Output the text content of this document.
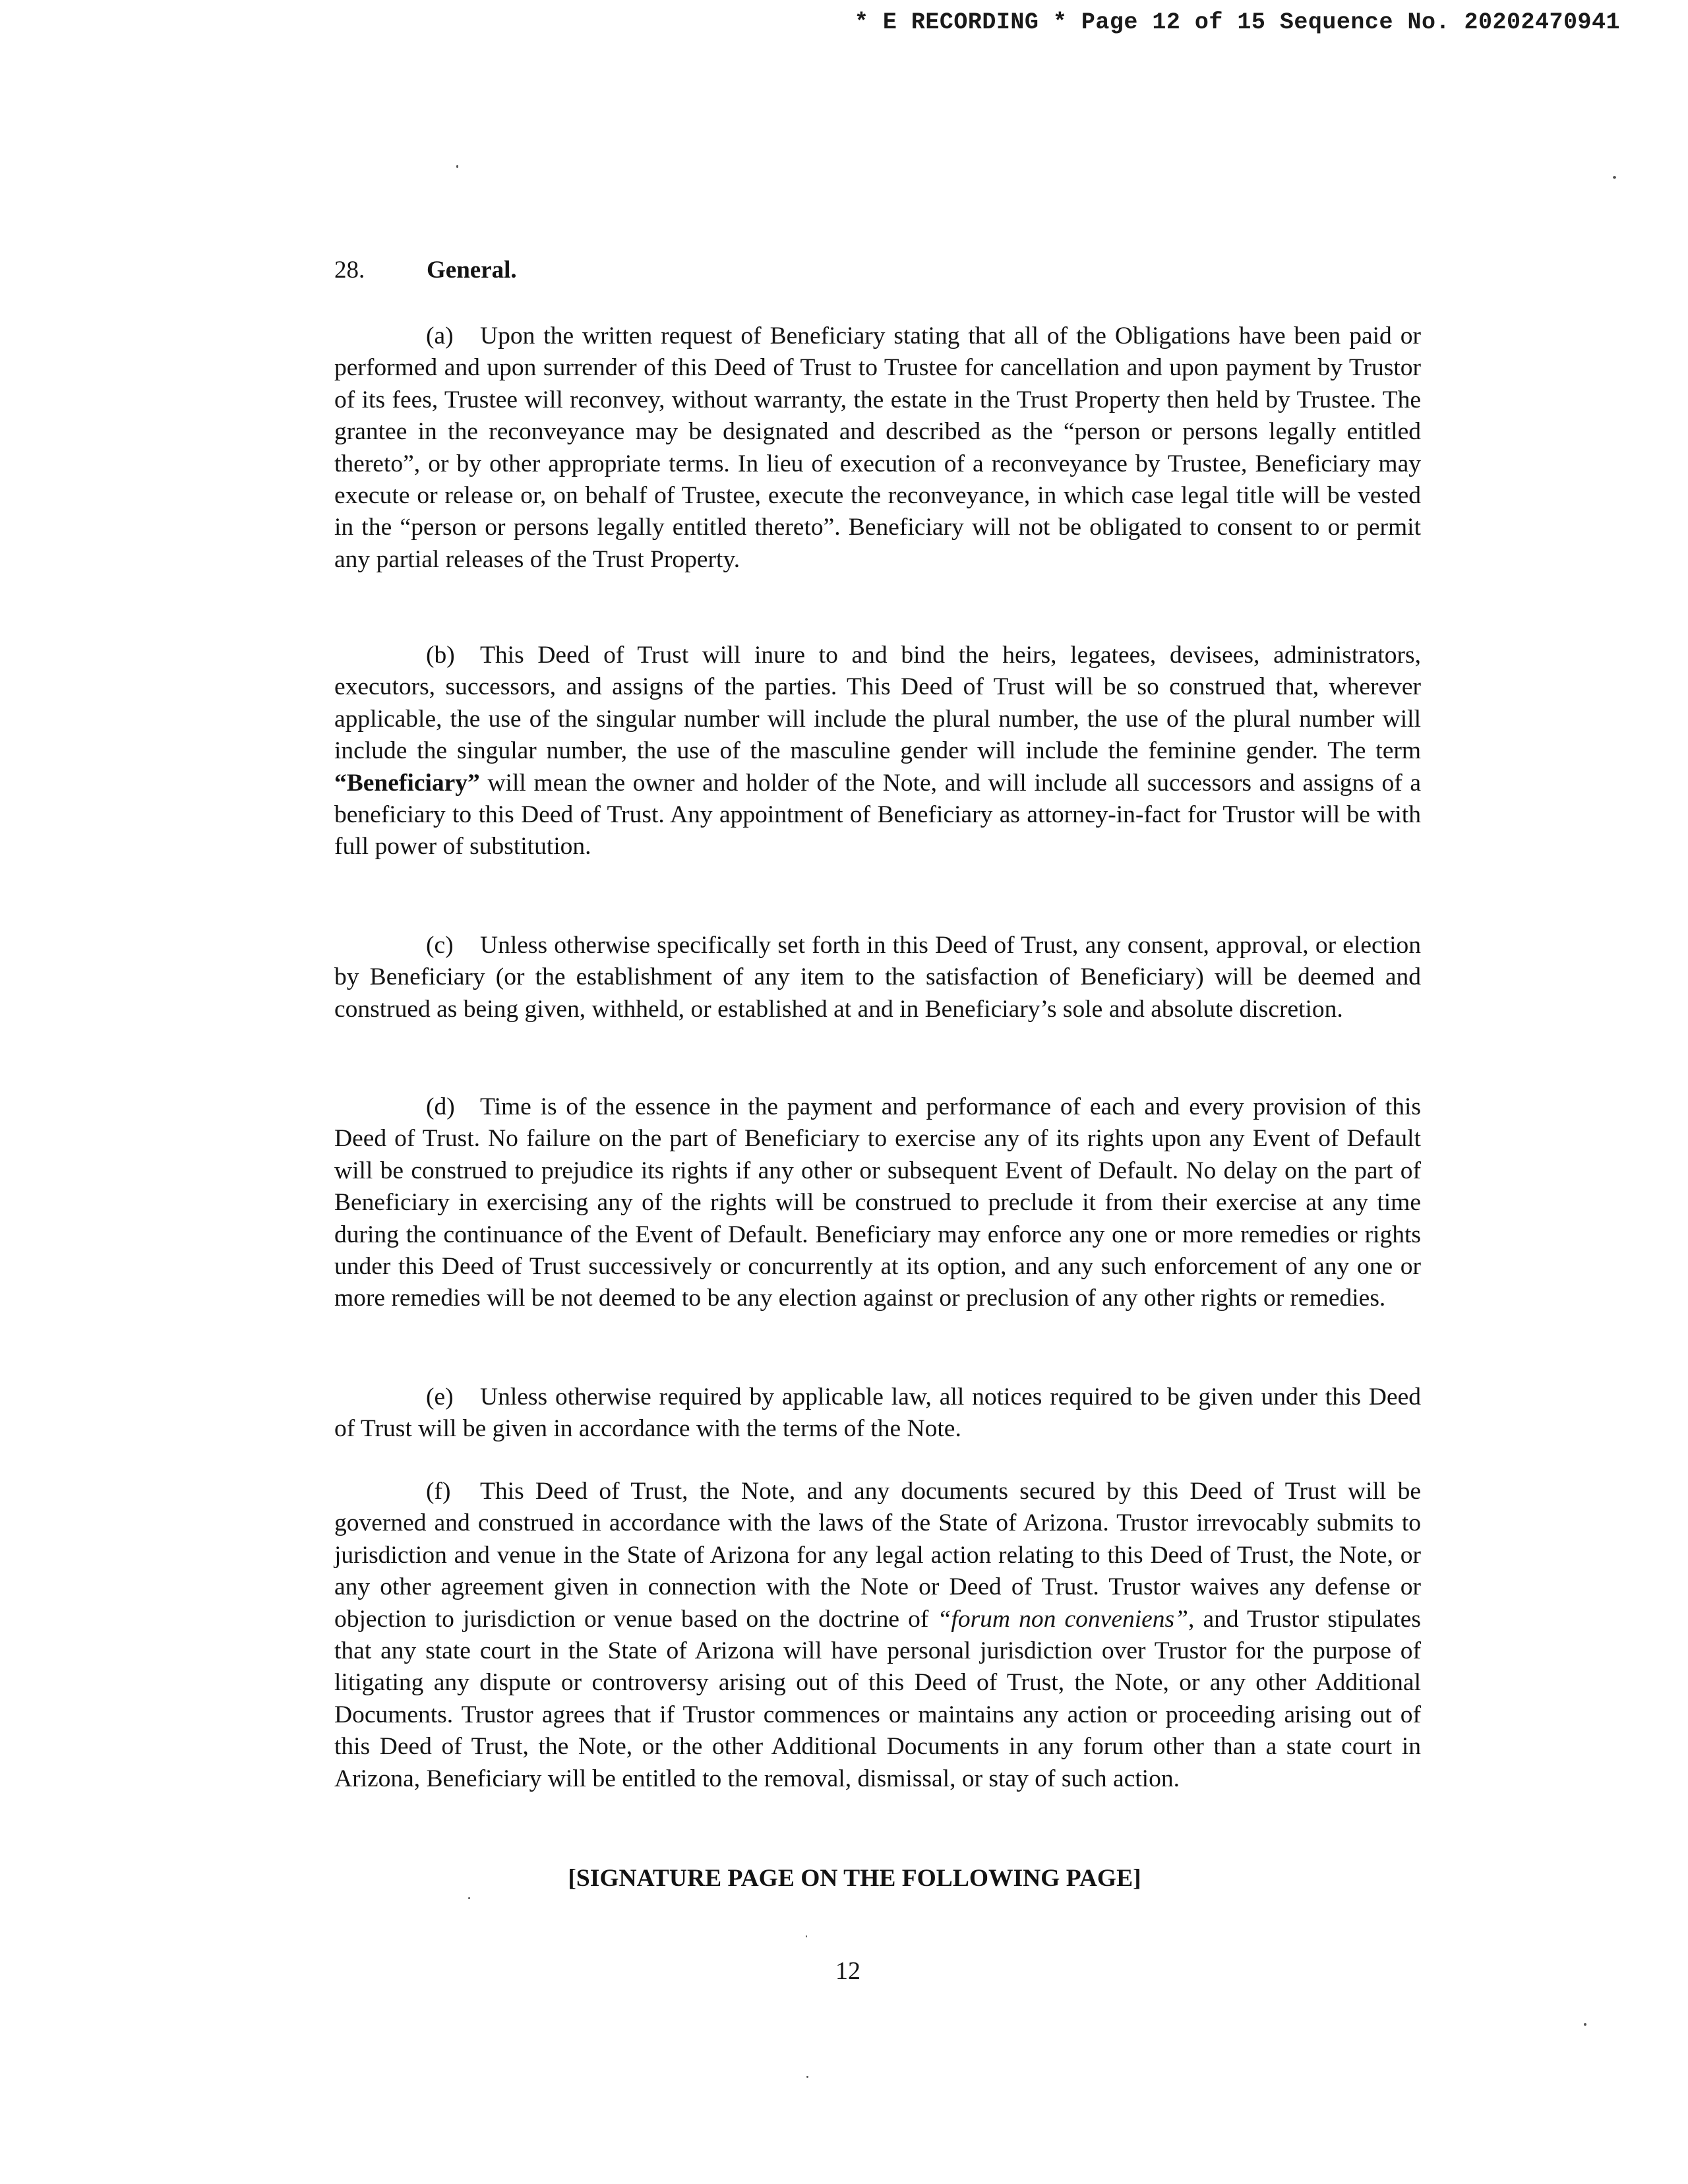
* E RECORDING * Page 12 of 15 Sequence No. 20202470941
28.	General.
(a) Upon the written request of Beneficiary stating that all of the Obligations have been paid or performed and upon surrender of this Deed of Trust to Trustee for cancellation and upon payment by Trustor of its fees, Trustee will reconvey, without warranty, the estate in the Trust Property then held by Trustee. The grantee in the reconveyance may be designated and described as the “person or persons legally entitled thereto”, or by other appropriate terms. In lieu of execution of a reconveyance by Trustee, Beneficiary may execute or release or, on behalf of Trustee, execute the reconveyance, in which case legal title will be vested in the “person or persons legally entitled thereto”. Beneficiary will not be obligated to consent to or permit any partial releases of the Trust Property.
(b) This Deed of Trust will inure to and bind the heirs, legatees, devisees, administrators, executors, successors, and assigns of the parties. This Deed of Trust will be so construed that, wherever applicable, the use of the singular number will include the plural number, the use of the plural number will include the singular number, the use of the masculine gender will include the feminine gender. The term “Beneficiary” will mean the owner and holder of the Note, and will include all successors and assigns of a beneficiary to this Deed of Trust. Any appointment of Beneficiary as attorney-in-fact for Trustor will be with full power of substitution.
(c) Unless otherwise specifically set forth in this Deed of Trust, any consent, approval, or election by Beneficiary (or the establishment of any item to the satisfaction of Beneficiary) will be deemed and construed as being given, withheld, or established at and in Beneficiary’s sole and absolute discretion.
(d) Time is of the essence in the payment and performance of each and every provision of this Deed of Trust. No failure on the part of Beneficiary to exercise any of its rights upon any Event of Default will be construed to prejudice its rights if any other or subsequent Event of Default. No delay on the part of Beneficiary in exercising any of the rights will be construed to preclude it from their exercise at any time during the continuance of the Event of Default. Beneficiary may enforce any one or more remedies or rights under this Deed of Trust successively or concurrently at its option, and any such enforcement of any one or more remedies will be not deemed to be any election against or preclusion of any other rights or remedies.
(e) Unless otherwise required by applicable law, all notices required to be given under this Deed of Trust will be given in accordance with the terms of the Note.
(f) This Deed of Trust, the Note, and any documents secured by this Deed of Trust will be governed and construed in accordance with the laws of the State of Arizona. Trustor irrevocably submits to jurisdiction and venue in the State of Arizona for any legal action relating to this Deed of Trust, the Note, or any other agreement given in connection with the Note or Deed of Trust. Trustor waives any defense or objection to jurisdiction or venue based on the doctrine of “forum non conveniens”, and Trustor stipulates that any state court in the State of Arizona will have personal jurisdiction over Trustor for the purpose of litigating any dispute or controversy arising out of this Deed of Trust, the Note, or any other Additional Documents. Trustor agrees that if Trustor commences or maintains any action or proceeding arising out of this Deed of Trust, the Note, or the other Additional Documents in any forum other than a state court in Arizona, Beneficiary will be entitled to the removal, dismissal, or stay of such action.
[SIGNATURE PAGE ON THE FOLLOWING PAGE]
12
